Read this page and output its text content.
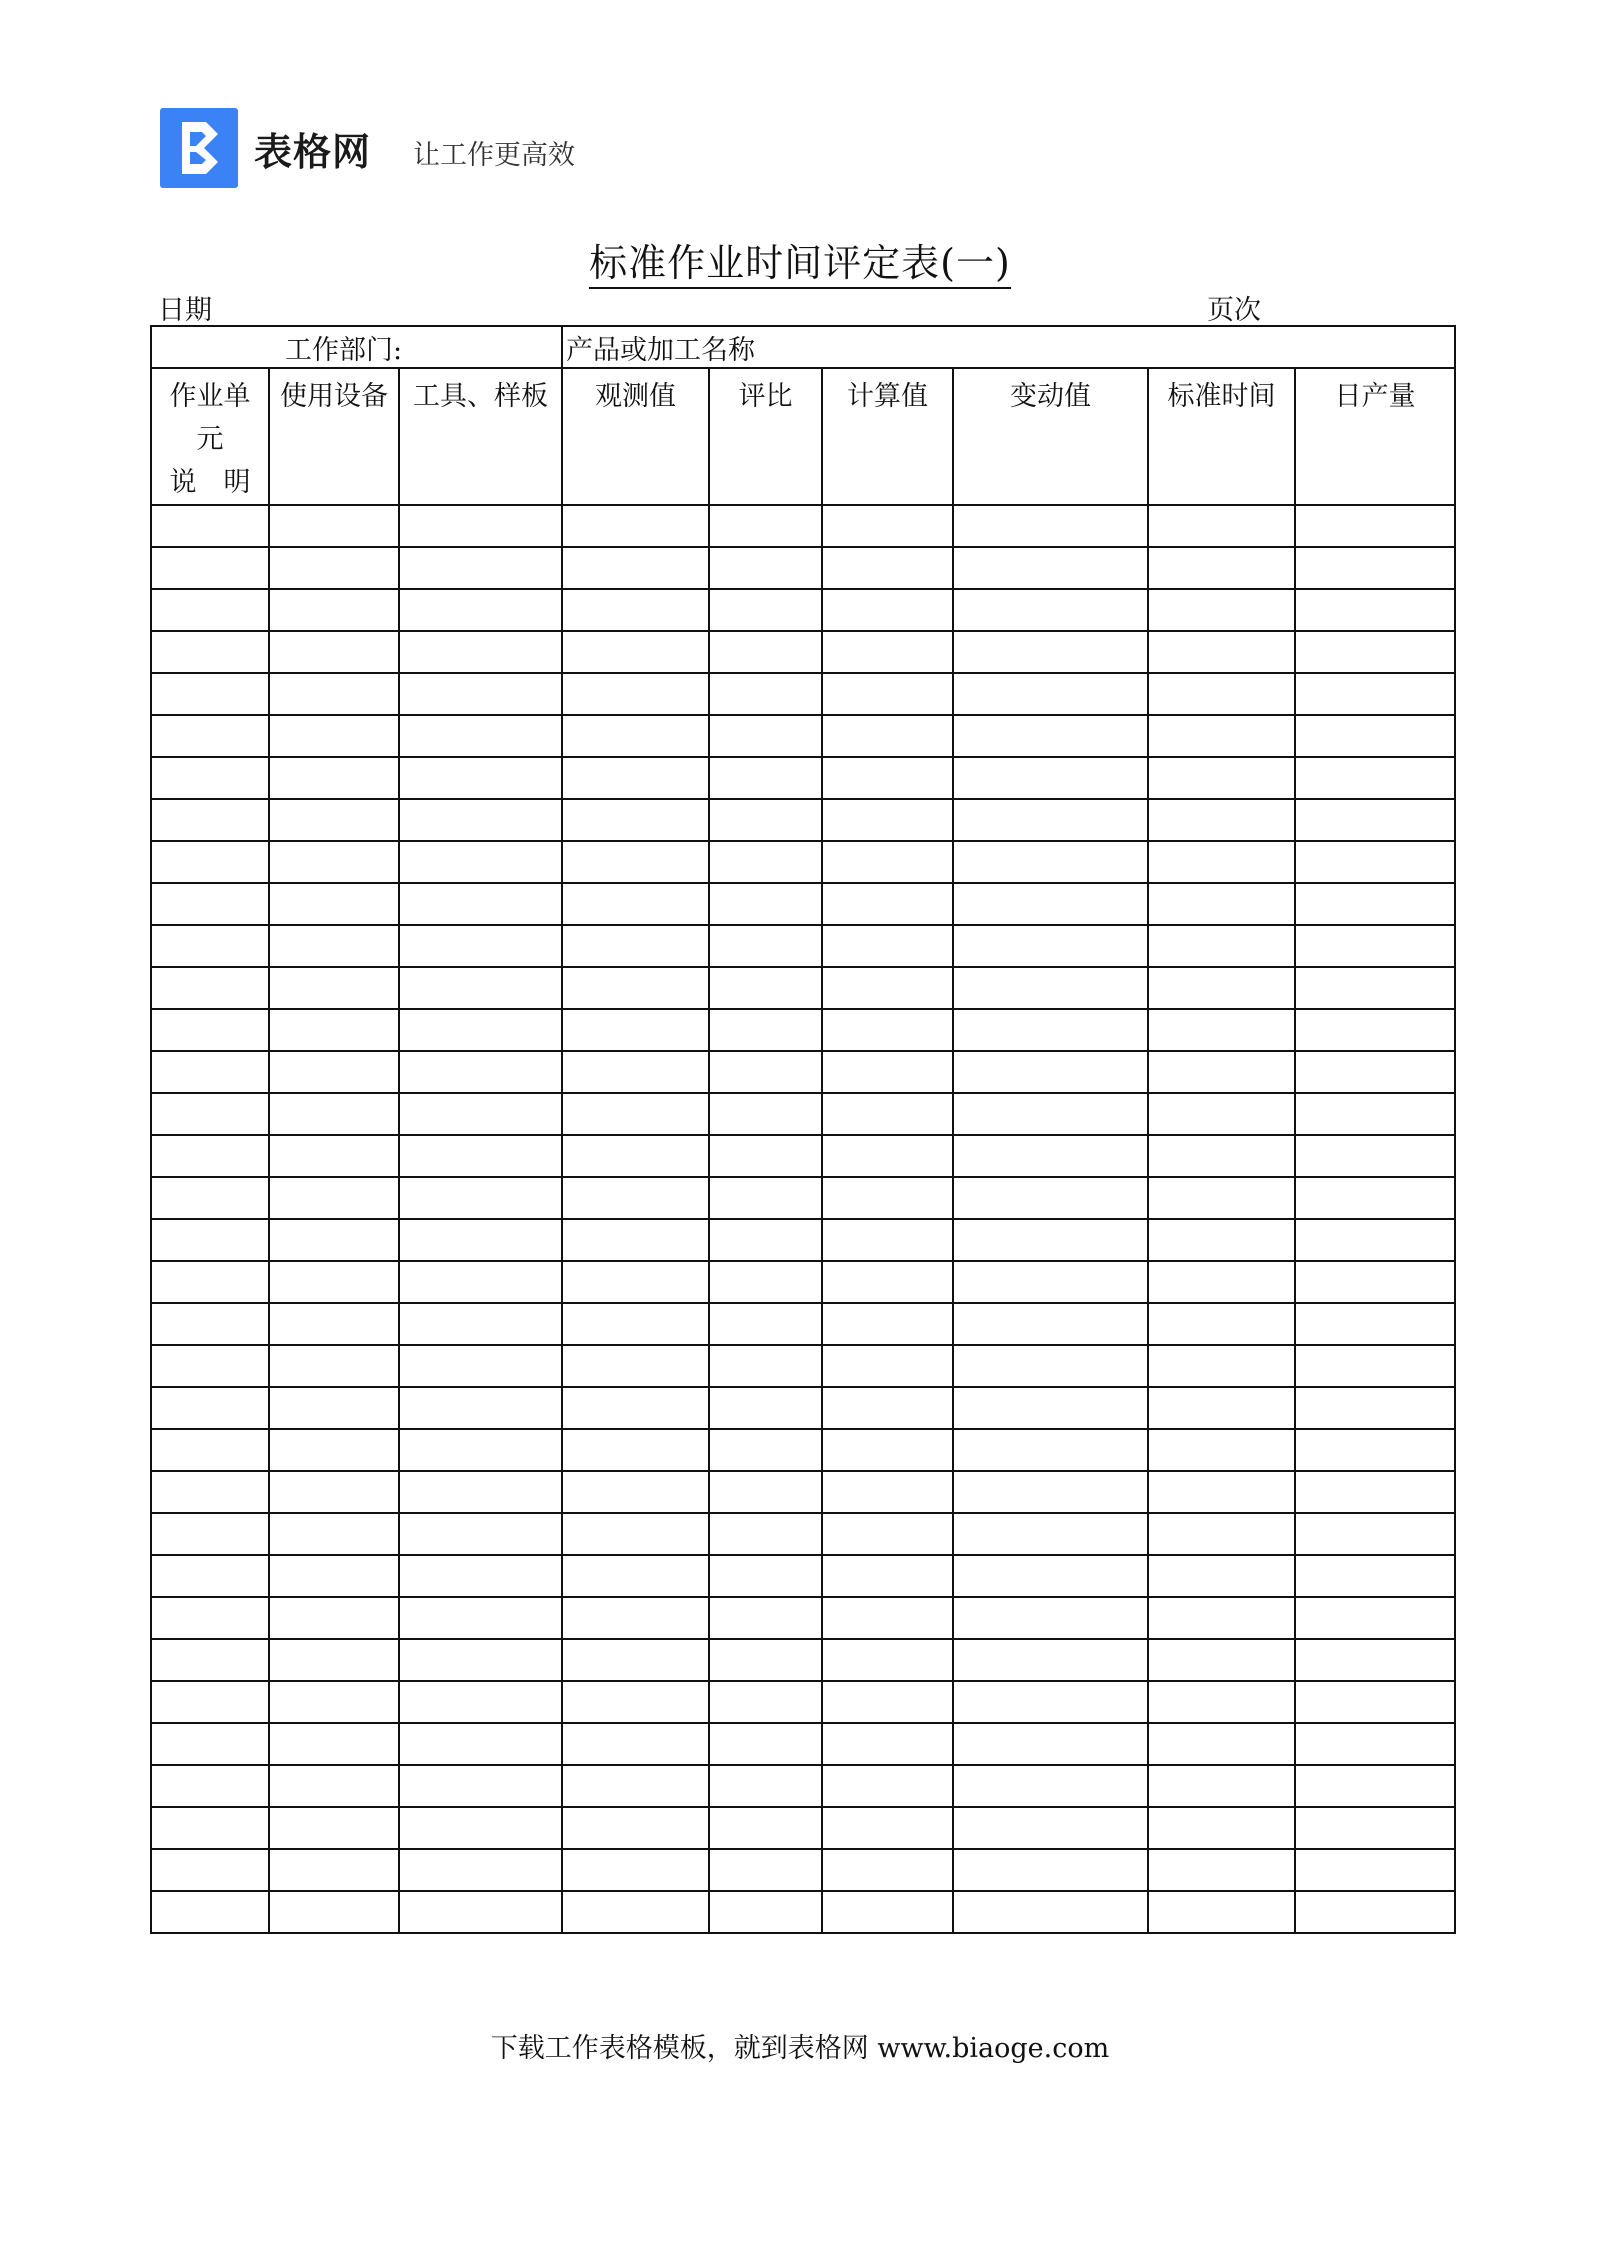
表格网 让工作更高效
标准作业时间评定表(一)
日期	页次
工作部门:			产品或加工名称					

作业单
元
说　明	使用设备	工具、样板	观测值	评比	计算值	变动值	标准时间	日产量

下载工作表格模板，就到表格网 www.biaoge.com
